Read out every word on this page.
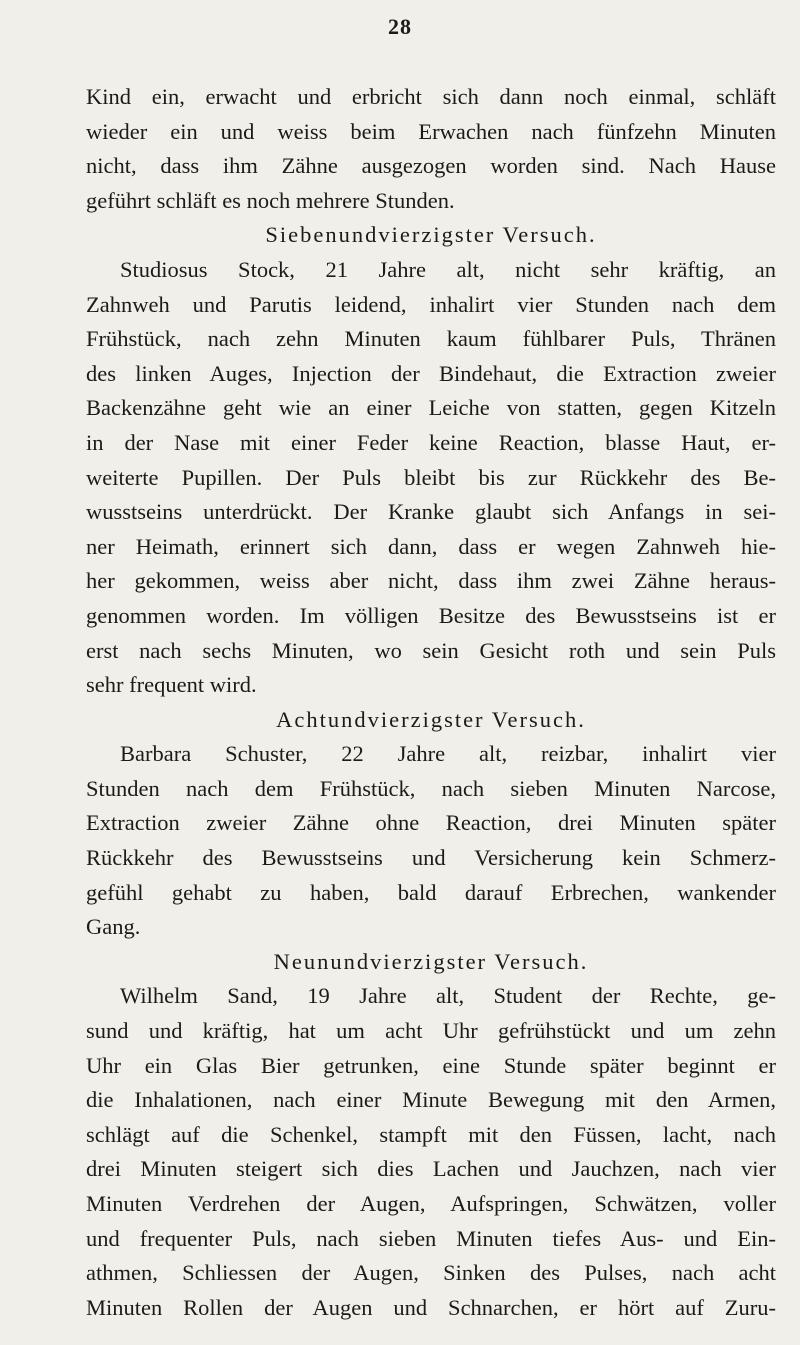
28
Kind ein, erwacht und erbricht sich dann noch einmal, schläft
wieder ein und weiss beim Erwachen nach fünfzehn Minuten
nicht, dass ihm Zähne ausgezogen worden sind. Nach Hause
geführt schläft es noch mehrere Stunden.
Siebenundvierzigster Versuch.
Studiosus Stock, 21 Jahre alt, nicht sehr kräftig, an
Zahnweh und Parutis leidend, inhalirt vier Stunden nach dem
Frühstück, nach zehn Minuten kaum fühlbarer Puls, Thränen
des linken Auges, Injection der Bindehaut, die Extraction zweier
Backenzähne geht wie an einer Leiche von statten, gegen Kitzeln
in der Nase mit einer Feder keine Reaction, blasse Haut, er-
weiterte Pupillen. Der Puls bleibt bis zur Rückkehr des Be-
wusstseins unterdrückt. Der Kranke glaubt sich Anfangs in sei-
ner Heimath, erinnert sich dann, dass er wegen Zahnweh hie-
her gekommen, weiss aber nicht, dass ihm zwei Zähne heraus-
genommen worden. Im völligen Besitze des Bewusstseins ist er
erst nach sechs Minuten, wo sein Gesicht roth und sein Puls
sehr frequent wird.
Achtundvierzigster Versuch.
Barbara Schuster, 22 Jahre alt, reizbar, inhalirt vier
Stunden nach dem Frühstück, nach sieben Minuten Narcose,
Extraction zweier Zähne ohne Reaction, drei Minuten später
Rückkehr des Bewusstseins und Versicherung kein Schmerz-
gefühl gehabt zu haben, bald darauf Erbrechen, wankender
Gang.
Neunundvierzigster Versuch.
Wilhelm Sand, 19 Jahre alt, Student der Rechte, ge-
sund und kräftig, hat um acht Uhr gefrühstückt und um zehn
Uhr ein Glas Bier getrunken, eine Stunde später beginnt er
die Inhalationen, nach einer Minute Bewegung mit den Armen,
schlägt auf die Schenkel, stampft mit den Füssen, lacht, nach
drei Minuten steigert sich dies Lachen und Jauchzen, nach vier
Minuten Verdrehen der Augen, Aufspringen, Schwätzen, voller
und frequenter Puls, nach sieben Minuten tiefes Aus- und Ein-
athmen, Schliessen der Augen, Sinken des Pulses, nach acht
Minuten Rollen der Augen und Schnarchen, er hört auf Zuru-
